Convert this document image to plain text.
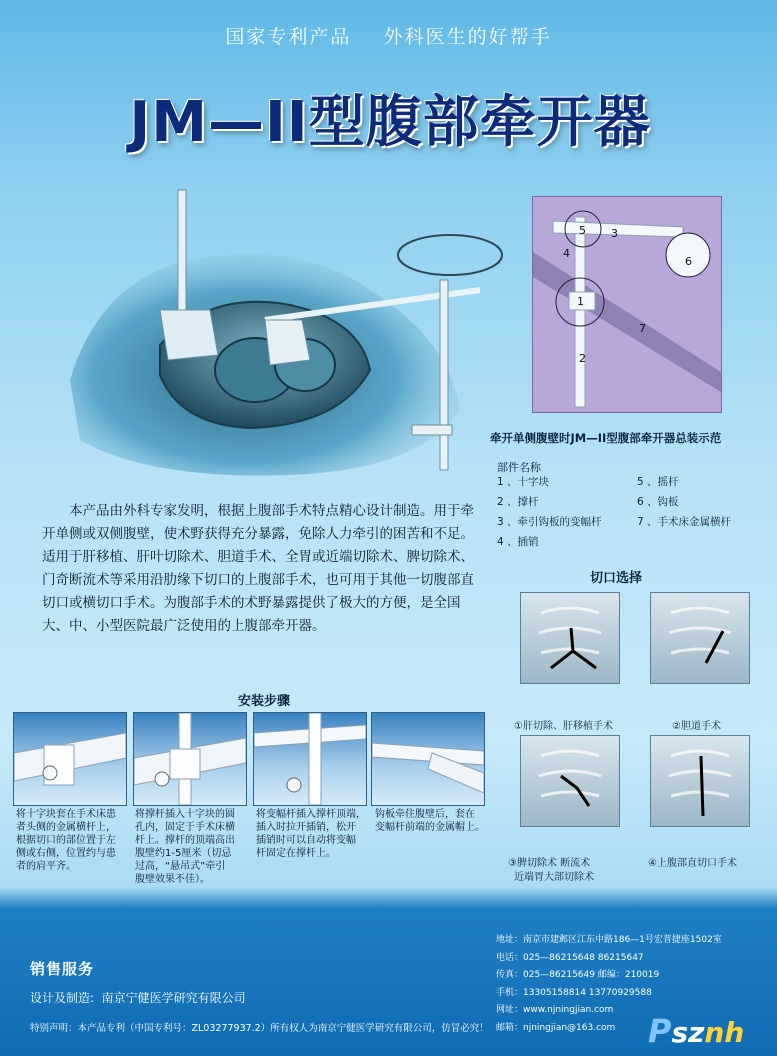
国家专利产品    外科医生的好帮手
JM—II型腹部牵开器
5 3
4
6
1
7
2
牵开单侧腹壁时JM—II型腹部牵开器总装示范
部件名称
1 、十字块	5 、摇杆
2 、撑杆	6 、钩板
3 、牵引钩板的变幅杆	7 、手术床金属横杆
4 、插销
本产品由外科专家发明，根据上腹部手术特点精心设计制造。用于牵开单侧或双侧腹壁，使术野获得充分暴露，免除人力牵引的困苦和不足。适用于肝移植、肝叶切除术、胆道手术、全胃或近端切除术、脾切除术、门奇断流术等采用沿肋缘下切口的上腹部手术，也可用于其他一切腹部直切口或横切口手术。为腹部手术的术野暴露提供了极大的方便，是全国大、中、小型医院最广泛使用的上腹部牵开器。
切口选择
①肝切除、肝移植手术	②胆道手术
③脾切除术 断流术
近端胃大部切除术
④上腹部直切口手术
安装步骤
将十字块套在手术床患
者头侧的金属横杆上，
根据切口的部位置于左
侧或右侧，位置约与患
者的肩平齐。
将撑杆插入十字块的圆
孔内，固定于手术床横
杆上。撑杆的顶端高出
腹壁约1-5厘米（切忌
过高，“悬吊式”牵引
腹壁效果不佳）。
将变幅杆插入撑杆顶端，
插入时拉开插销，松开
插销时可以自动将变幅
杆固定在撑杆上。
钩板牵住腹壁后，套在
变幅杆前端的金属帽上。
销售服务
设计及制造:  南京宁健医学研究有限公司
特别声明：本产品专利（中国专利号：ZL03277937.2）所有权人为南京宁健医学研究有限公司，仿冒必究！
地址：南京市建邺区江东中路186—1号宏普捷座1502室
电话：025—86215648 86215647
传真：025—86215649 邮编：210019
手机：13305158814 13770929588
网址：www.njningjian.com
邮箱：njningjian@163.com	Psznh
